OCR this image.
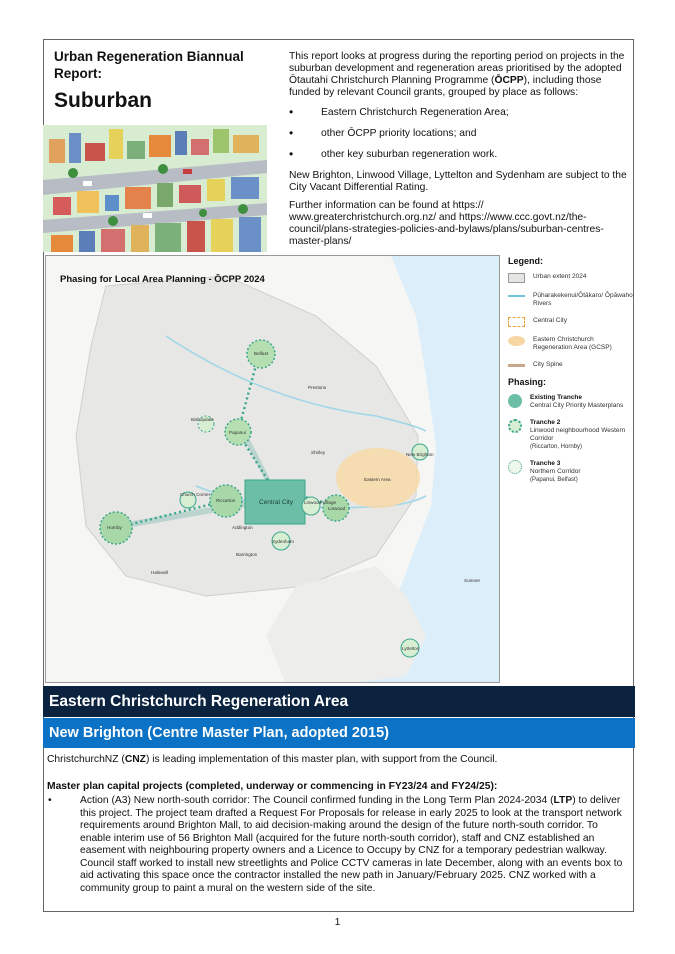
Urban Regeneration Biannual Report:
Suburban

This report looks at progress during the reporting period on projects in the suburban development and regeneration areas prioritised by the adopted Ōtautahi Christchurch Planning Programme (ŌCPP), including those funded by relevant Council grants, grouped by place as follows:

• Eastern Christchurch Regeneration Area;
• other ŌCPP priority locations; and
• other key suburban regeneration work.

New Brighton, Linwood Village, Lyttelton and Sydenham are subject to the City Vacant Differential Rating.

Further information can be found at https:// www.greaterchristchurch.org.nz/ and https://www.ccc.govt.nz/the-council/plans-strategies-policies-and-bylaws/plans/suburban-centres-master-plans/

Belfast
Prestons
Bishopdale
Papanui
Shirley	New Brighton
Eastern Area
Church Corner
Riccarton	Linwood Village
Linwood
Hornby	Addington
Sydenham
Barrington
Halswell
Sumner
Lyttelton
Central City
Phasing for Local Area Planning - ŌCPP 2024
Legend:
Urban extent 2024
Pūharakekenui/Ōtākaro/ Ōpāwaho Rivers
Central City
Eastern Christchurch Regeneration Area (GCSP)
City Spine
Phasing:
Existing Tranche
Central City Priority Masterplans
Tranche 2
Linwood neighbourhood Western Corridor
(Riccarton, Hornby)
Tranche 3
Northern Corridor
(Papanui, Belfast)
Eastern Christchurch Regeneration Area
New Brighton (Centre Master Plan, adopted 2015)
ChristchurchNZ (CNZ) is leading implementation of this master plan, with support from the Council.
Master plan capital projects (completed, underway or commencing in FY23/24 and FY24/25):
• Action (A3) New north-south corridor: The Council confirmed funding in the Long Term Plan 2024-2034 (LTP) to deliver this project. The project team drafted a Request For Proposals for release in early 2025 to look at the transport network requirements around Brighton Mall, to aid decision-making around the design of the future north-south corridor. To enable interim use of 56 Brighton Mall (acquired for the future north-south corridor), staff and CNZ established an easement with neighbouring property owners and a Licence to Occupy by CNZ for a temporary pedestrian walkway. Council staff worked to install new streetlights and Police CCTV cameras in late December, along with an events box to aid activating this space once the contractor installed the new path in January/February 2025. CNZ worked with a community group to paint a mural on the western side of the site.
1
